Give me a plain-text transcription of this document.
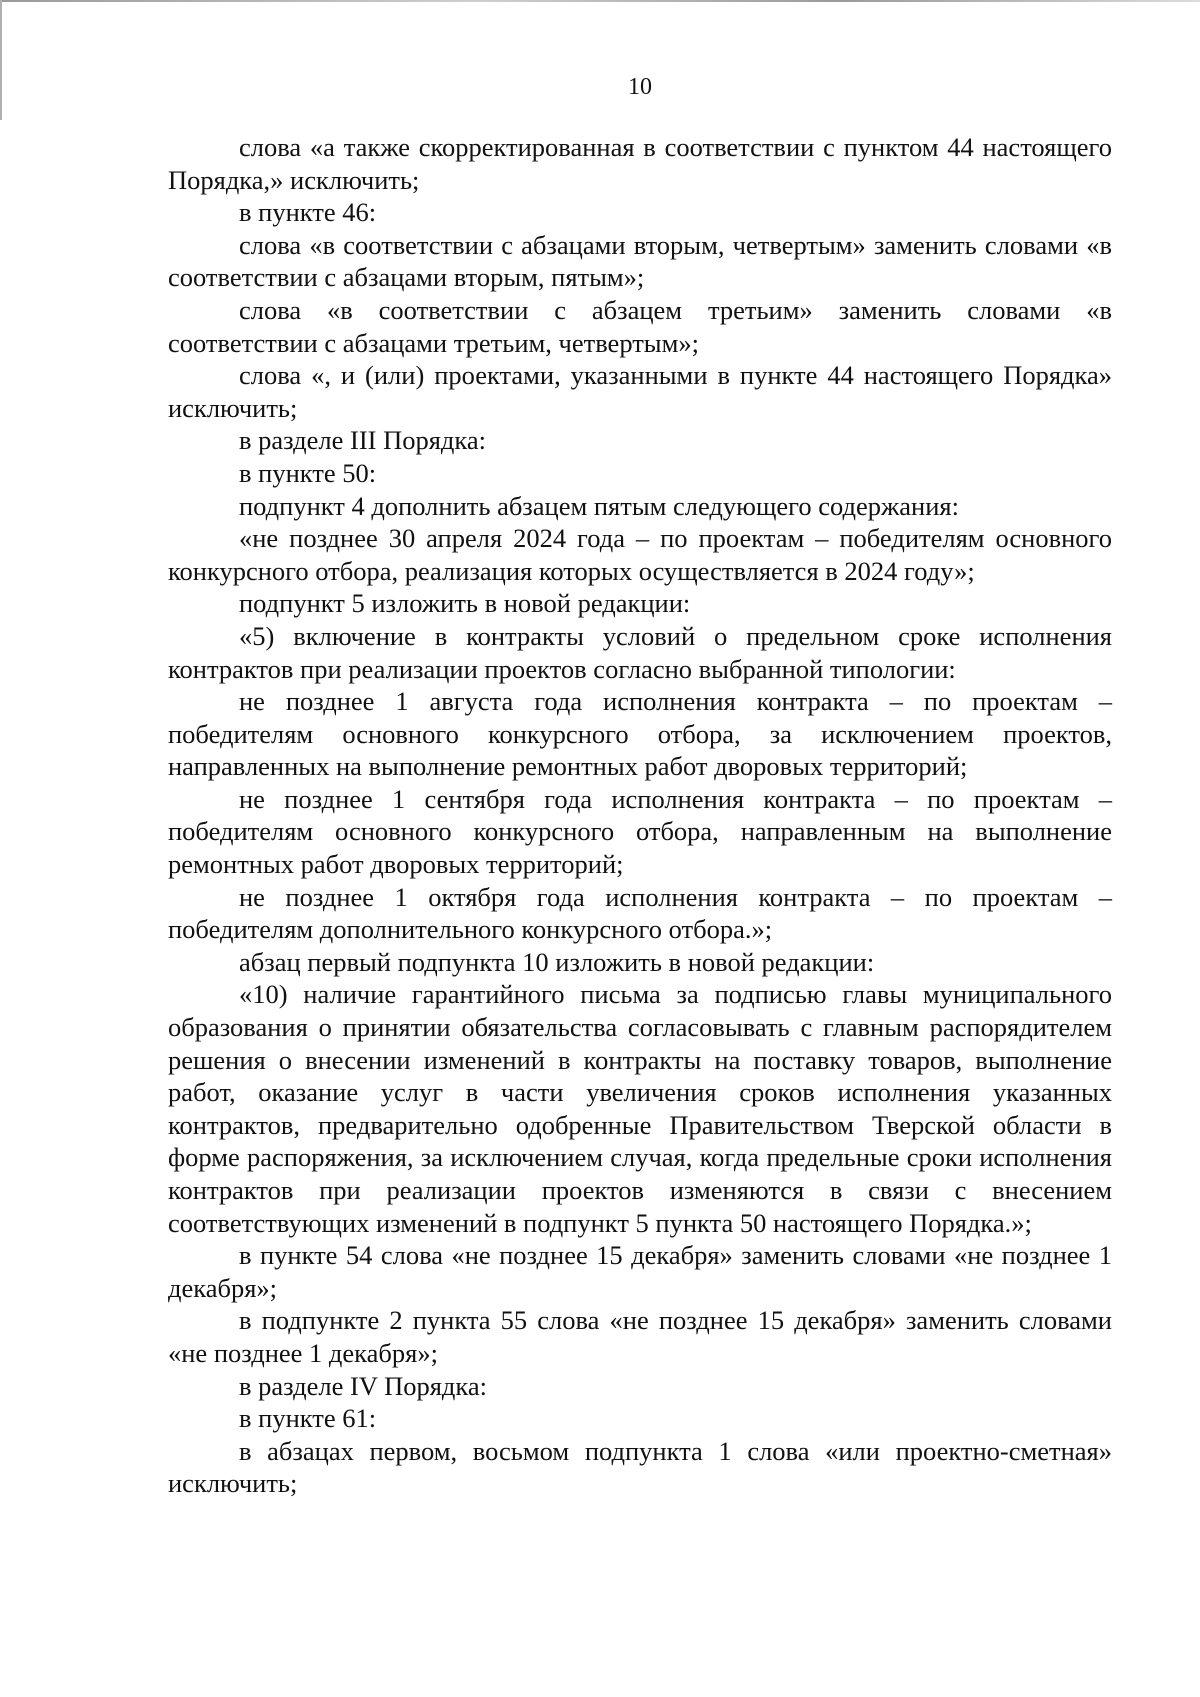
10

слова «а также скорректированная в соответствии с пунктом 44 настоящего Порядка,» исключить;

в пункте 46:

слова «в соответствии с абзацами вторым, четвертым» заменить словами «в соответствии с абзацами вторым, пятым»;

слова «в соответствии с абзацем третьим» заменить словами «в соответствии с абзацами третьим, четвертым»;

слова «, и (или) проектами, указанными в пункте 44 настоящего Порядка» исключить;

в разделе III Порядка:

в пункте 50:

подпункт 4 дополнить абзацем пятым следующего содержания:

«не позднее 30 апреля 2024 года – по проектам – победителям основного конкурсного отбора, реализация которых осуществляется в 2024 году»;

подпункт 5 изложить в новой редакции:

«5) включение в контракты условий о предельном сроке исполнения контрактов при реализации проектов согласно выбранной типологии:

не позднее 1 августа года исполнения контракта – по проектам – победителям основного конкурсного отбора, за исключением проектов, направленных на выполнение ремонтных работ дворовых территорий;

не позднее 1 сентября года исполнения контракта – по проектам – победителям основного конкурсного отбора, направленным на выполнение ремонтных работ дворовых территорий;

не позднее 1 октября года исполнения контракта – по проектам – победителям дополнительного конкурсного отбора.»;

абзац первый подпункта 10 изложить в новой редакции:

«10) наличие гарантийного письма за подписью главы муниципального образования о принятии обязательства согласовывать с главным распорядителем решения о внесении изменений в контракты на поставку товаров, выполнение работ, оказание услуг в части увеличения сроков исполнения указанных контрактов, предварительно одобренные Правительством Тверской области в форме распоряжения, за исключением случая, когда предельные сроки исполнения контрактов при реализации проектов изменяются в связи с внесением соответствующих изменений в подпункт 5 пункта 50 настоящего Порядка.»;

в пункте 54 слова «не позднее 15 декабря» заменить словами «не позднее 1 декабря»;

в подпункте 2 пункта 55 слова «не позднее 15 декабря» заменить словами «не позднее 1 декабря»;

в разделе IV Порядка:

в пункте 61:

в абзацах первом, восьмом подпункта 1 слова «или проектно-сметная» исключить;
